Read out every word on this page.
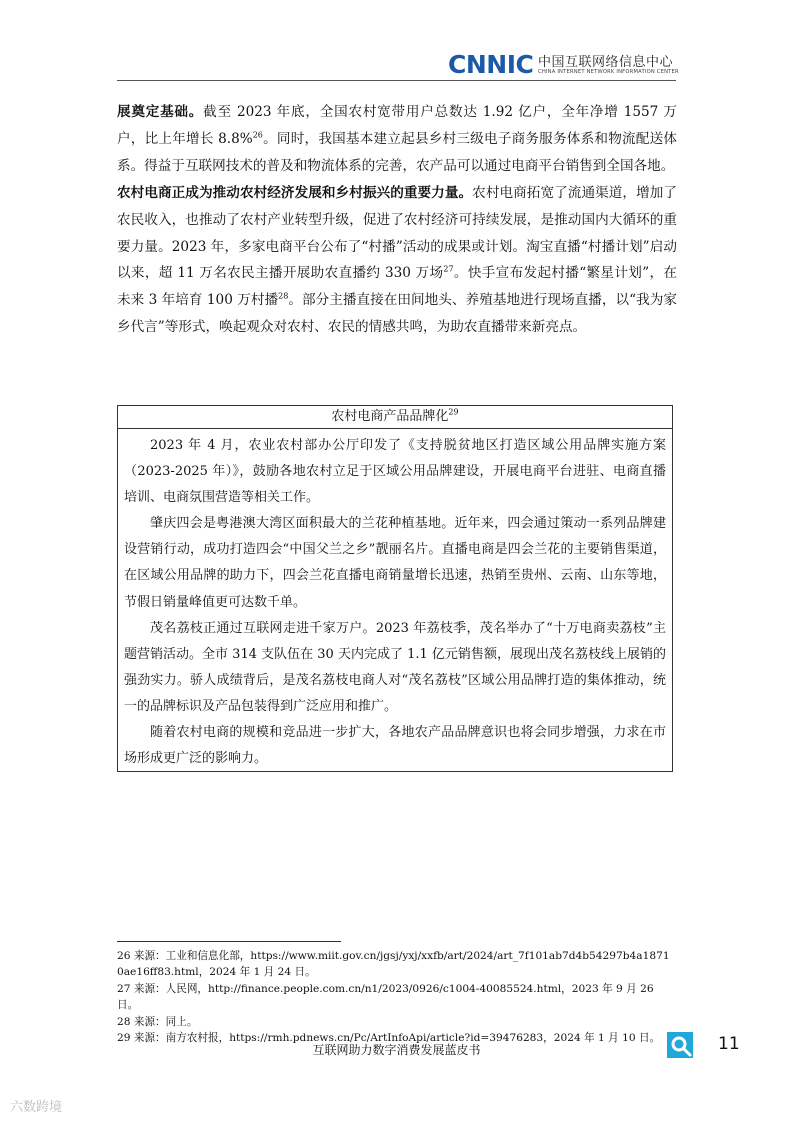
CNNIC 中国互联网络信息中心
CHINA INTERNET NETWORK INFORMATION CENTER

展奠定基础。截至 2023 年底，全国农村宽带用户总数达 1.92 亿户，全年净增 1557 万户，比上年增长 8.8%$^{26}$。同时，我国基本建立起县乡村三级电子商务服务体系和物流配送体系。得益于互联网技术的普及和物流体系的完善，农产品可以通过电商平台销售到全国各地。

农村电商正成为推动农村经济发展和乡村振兴的重要力量。农村电商拓宽了流通渠道，增加了农民收入，也推动了农村产业转型升级，促进了农村经济可持续发展，是推动国内大循环的重要力量。2023 年，多家电商平台公布了“村播”活动的成果或计划。淘宝直播“村播计划”启动以来，超 11 万名农民主播开展助农直播约 330 万场$^{27}$。快手宣布发起村播“繁星计划”，在未来 3 年培育 100 万村播$^{28}$。部分主播直接在田间地头、养殖基地进行现场直播，以“我为家乡代言”等形式，唤起观众对农村、农民的情感共鸣，为助农直播带来新亮点。

农村电商产品品牌化$^{29}$

2023 年 4 月，农业农村部办公厅印发了《支持脱贫地区打造区域公用品牌实施方案（2023-2025 年）》，鼓励各地农村立足于区域公用品牌建设，开展电商平台进驻、电商直播培训、电商氛围营造等相关工作。

肇庆四会是粤港澳大湾区面积最大的兰花种植基地。近年来，四会通过策动一系列品牌建设营销行动，成功打造四会“中国父兰之乡”靓丽名片。直播电商是四会兰花的主要销售渠道，在区域公用品牌的助力下，四会兰花直播电商销量增长迅速，热销至贵州、云南、山东等地，节假日销量峰值更可达数千单。

茂名荔枝正通过互联网走进千家万户。2023 年荔枝季，茂名举办了“十万电商卖荔枝”主题营销活动。全市 314 支队伍在 30 天内完成了 1.1 亿元销售额，展现出茂名荔枝线上展销的强劲实力。骄人成绩背后，是茂名荔枝电商人对“茂名荔枝”区域公用品牌打造的集体推动，统一的品牌标识及产品包装得到广泛应用和推广。

随着农村电商的规模和竞品进一步扩大，各地农产品品牌意识也将会同步增强，力求在市场形成更广泛的影响力。

26 来源：工业和信息化部，https://www.miit.gov.cn/jgsj/yxj/xxfb/art/2024/art_7f101ab7d4b54297b4a18710ae16ff83.html，2024 年 1 月 24 日。

27 来源：人民网，http://finance.people.com.cn/n1/2023/0926/c1004-40085524.html，2023 年 9 月 26 日。

28 来源：同上。

29 来源：南方农村报，https://rmh.pdnews.cn/Pc/ArtInfoApi/article?id=39476283，2024 年 1 月 10 日。

互联网助力数字消费发展蓝皮书	11
六数跨境
